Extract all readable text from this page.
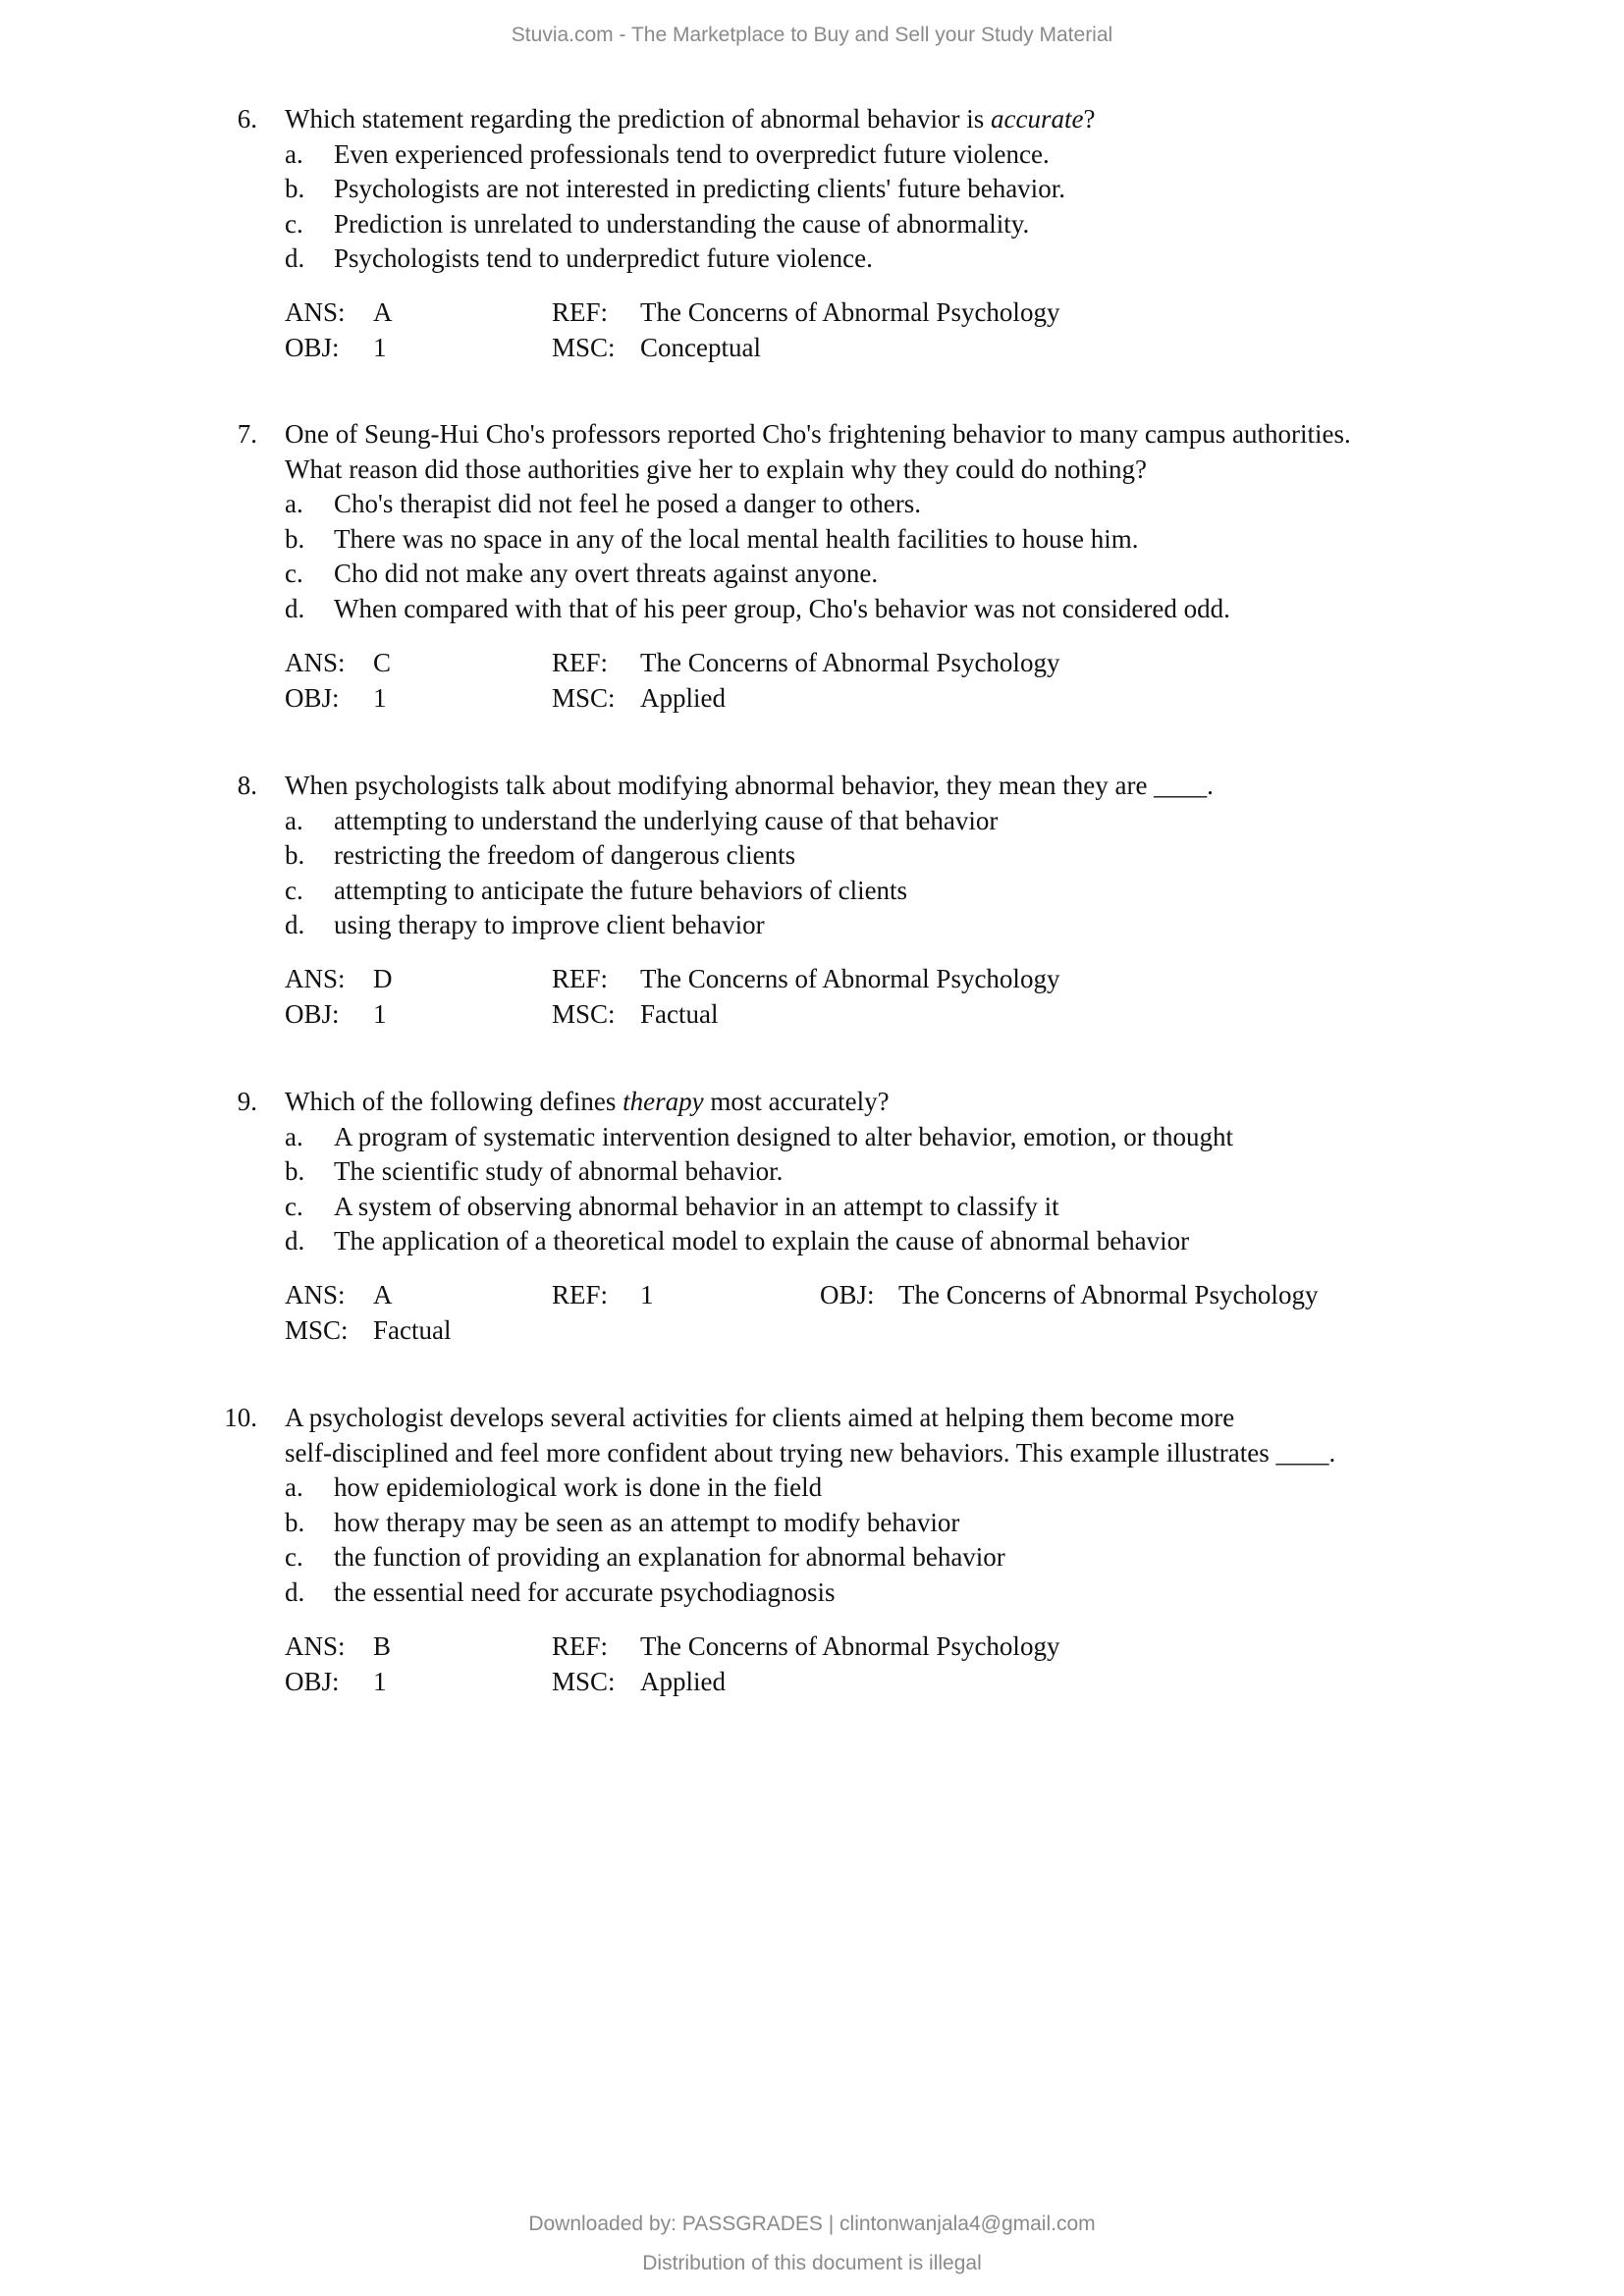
Stuvia.com - The Marketplace to Buy and Sell your Study Material
6. Which statement regarding the prediction of abnormal behavior is accurate?
a. Even experienced professionals tend to overpredict future violence.
b. Psychologists are not interested in predicting clients' future behavior.
c. Prediction is unrelated to understanding the cause of abnormality.
d. Psychologists tend to underpredict future violence.
ANS: A	REF: The Concerns of Abnormal Psychology
OBJ: 1	MSC: Conceptual
7. One of Seung-Hui Cho's professors reported Cho's frightening behavior to many campus authorities.
What reason did those authorities give her to explain why they could do nothing?
a. Cho's therapist did not feel he posed a danger to others.
b. There was no space in any of the local mental health facilities to house him.
c. Cho did not make any overt threats against anyone.
d. When compared with that of his peer group, Cho's behavior was not considered odd.
ANS: C	REF: The Concerns of Abnormal Psychology
OBJ: 1	MSC: Applied
8. When psychologists talk about modifying abnormal behavior, they mean they are ____.
a. attempting to understand the underlying cause of that behavior
b. restricting the freedom of dangerous clients
c. attempting to anticipate the future behaviors of clients
d. using therapy to improve client behavior
ANS: D	REF: The Concerns of Abnormal Psychology
OBJ: 1	MSC: Factual
9. Which of the following defines therapy most accurately?
a. A program of systematic intervention designed to alter behavior, emotion, or thought
b. The scientific study of abnormal behavior.
c. A system of observing abnormal behavior in an attempt to classify it
d. The application of a theoretical model to explain the cause of abnormal behavior
ANS: A	REF: 1	OBJ: The Concerns of Abnormal Psychology
MSC: Factual
10. A psychologist develops several activities for clients aimed at helping them become more
self-disciplined and feel more confident about trying new behaviors. This example illustrates ____.
a. how epidemiological work is done in the field
b. how therapy may be seen as an attempt to modify behavior
c. the function of providing an explanation for abnormal behavior
d. the essential need for accurate psychodiagnosis
ANS: B	REF: The Concerns of Abnormal Psychology
OBJ: 1	MSC: Applied
Downloaded by: PASSGRADES | clintonwanjala4@gmail.com
Distribution of this document is illegal
